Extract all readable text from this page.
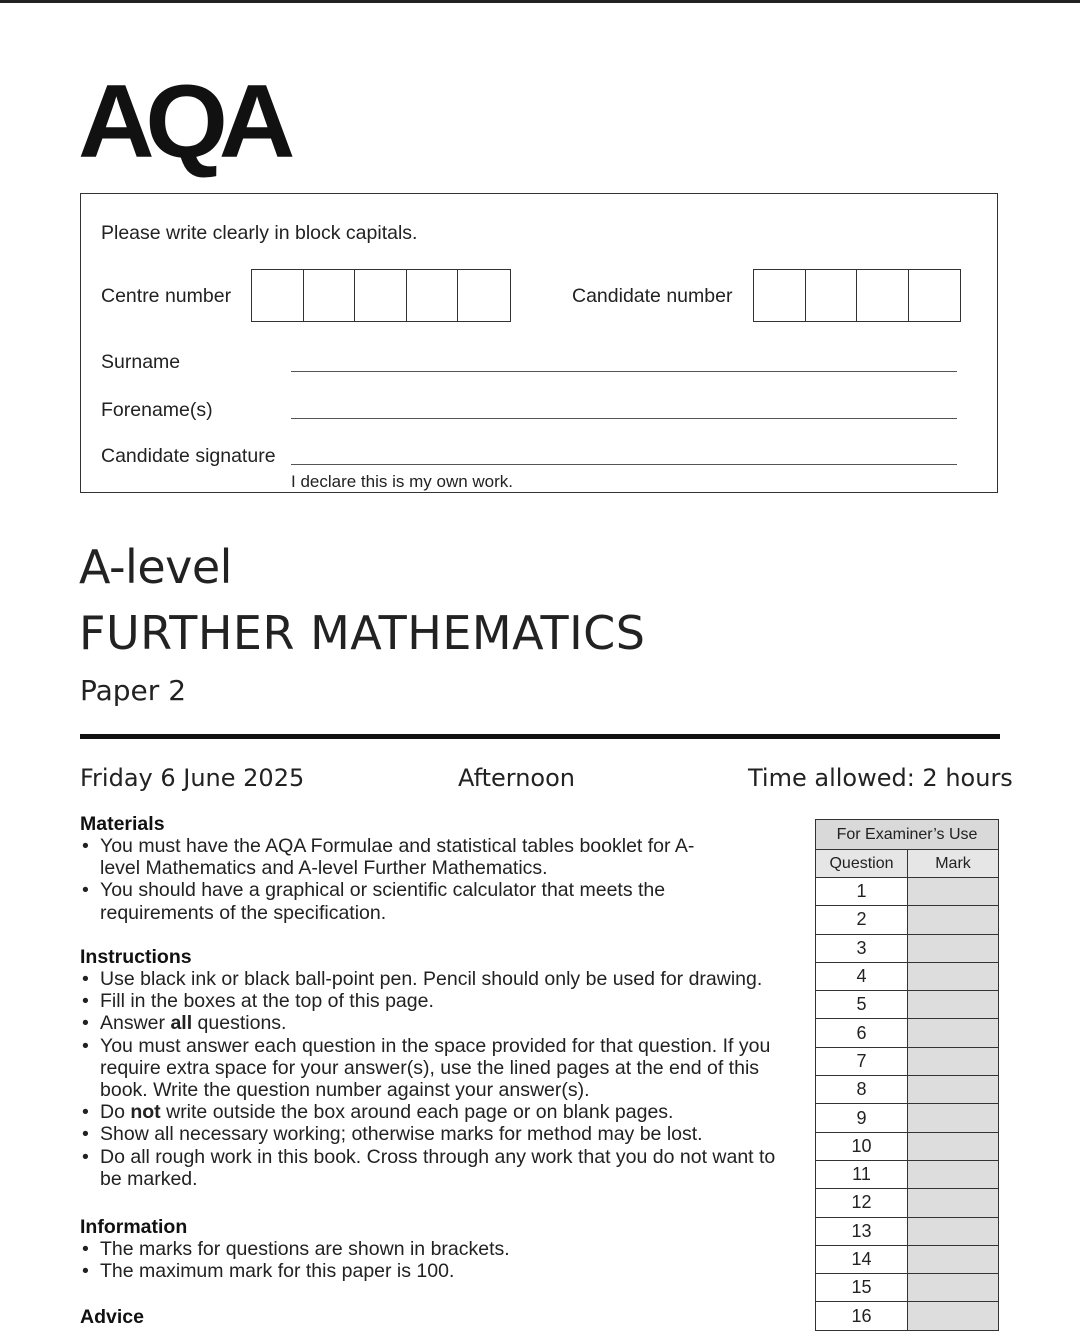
AQA
Please write clearly in block capitals.
Centre number	Candidate number
Surname
Forename(s)
Candidate signature
I declare this is my own work.
A-level
FURTHER MATHEMATICS
Paper 2
Friday 6 June 2025	Afternoon	Time allowed: 2 hours
Materials
• You must have the AQA Formulae and statistical tables booklet for A-level Mathematics and A-level Further Mathematics.
• You should have a graphical or scientific calculator that meets the requirements of the specification.
Instructions
• Use black ink or black ball-point pen. Pencil should only be used for drawing.
• Fill in the boxes at the top of this page.
• Answer all questions.
• You must answer each question in the space provided for that question. If you require extra space for your answer(s), use the lined pages at the end of this book. Write the question number against your answer(s).
• Do not write outside the box around each page or on blank pages.
• Show all necessary working; otherwise marks for method may be lost.
• Do all rough work in this book. Cross through any work that you do not want to be marked.
Information
• The marks for questions are shown in brackets.
• The maximum mark for this paper is 100.
Advice
For Examiner’s Use	
Question	Mark
1	
2	
3	
4	
5	
6	
7	
8	
9	
10	
11	
12	
13	
14	
15	
16	
